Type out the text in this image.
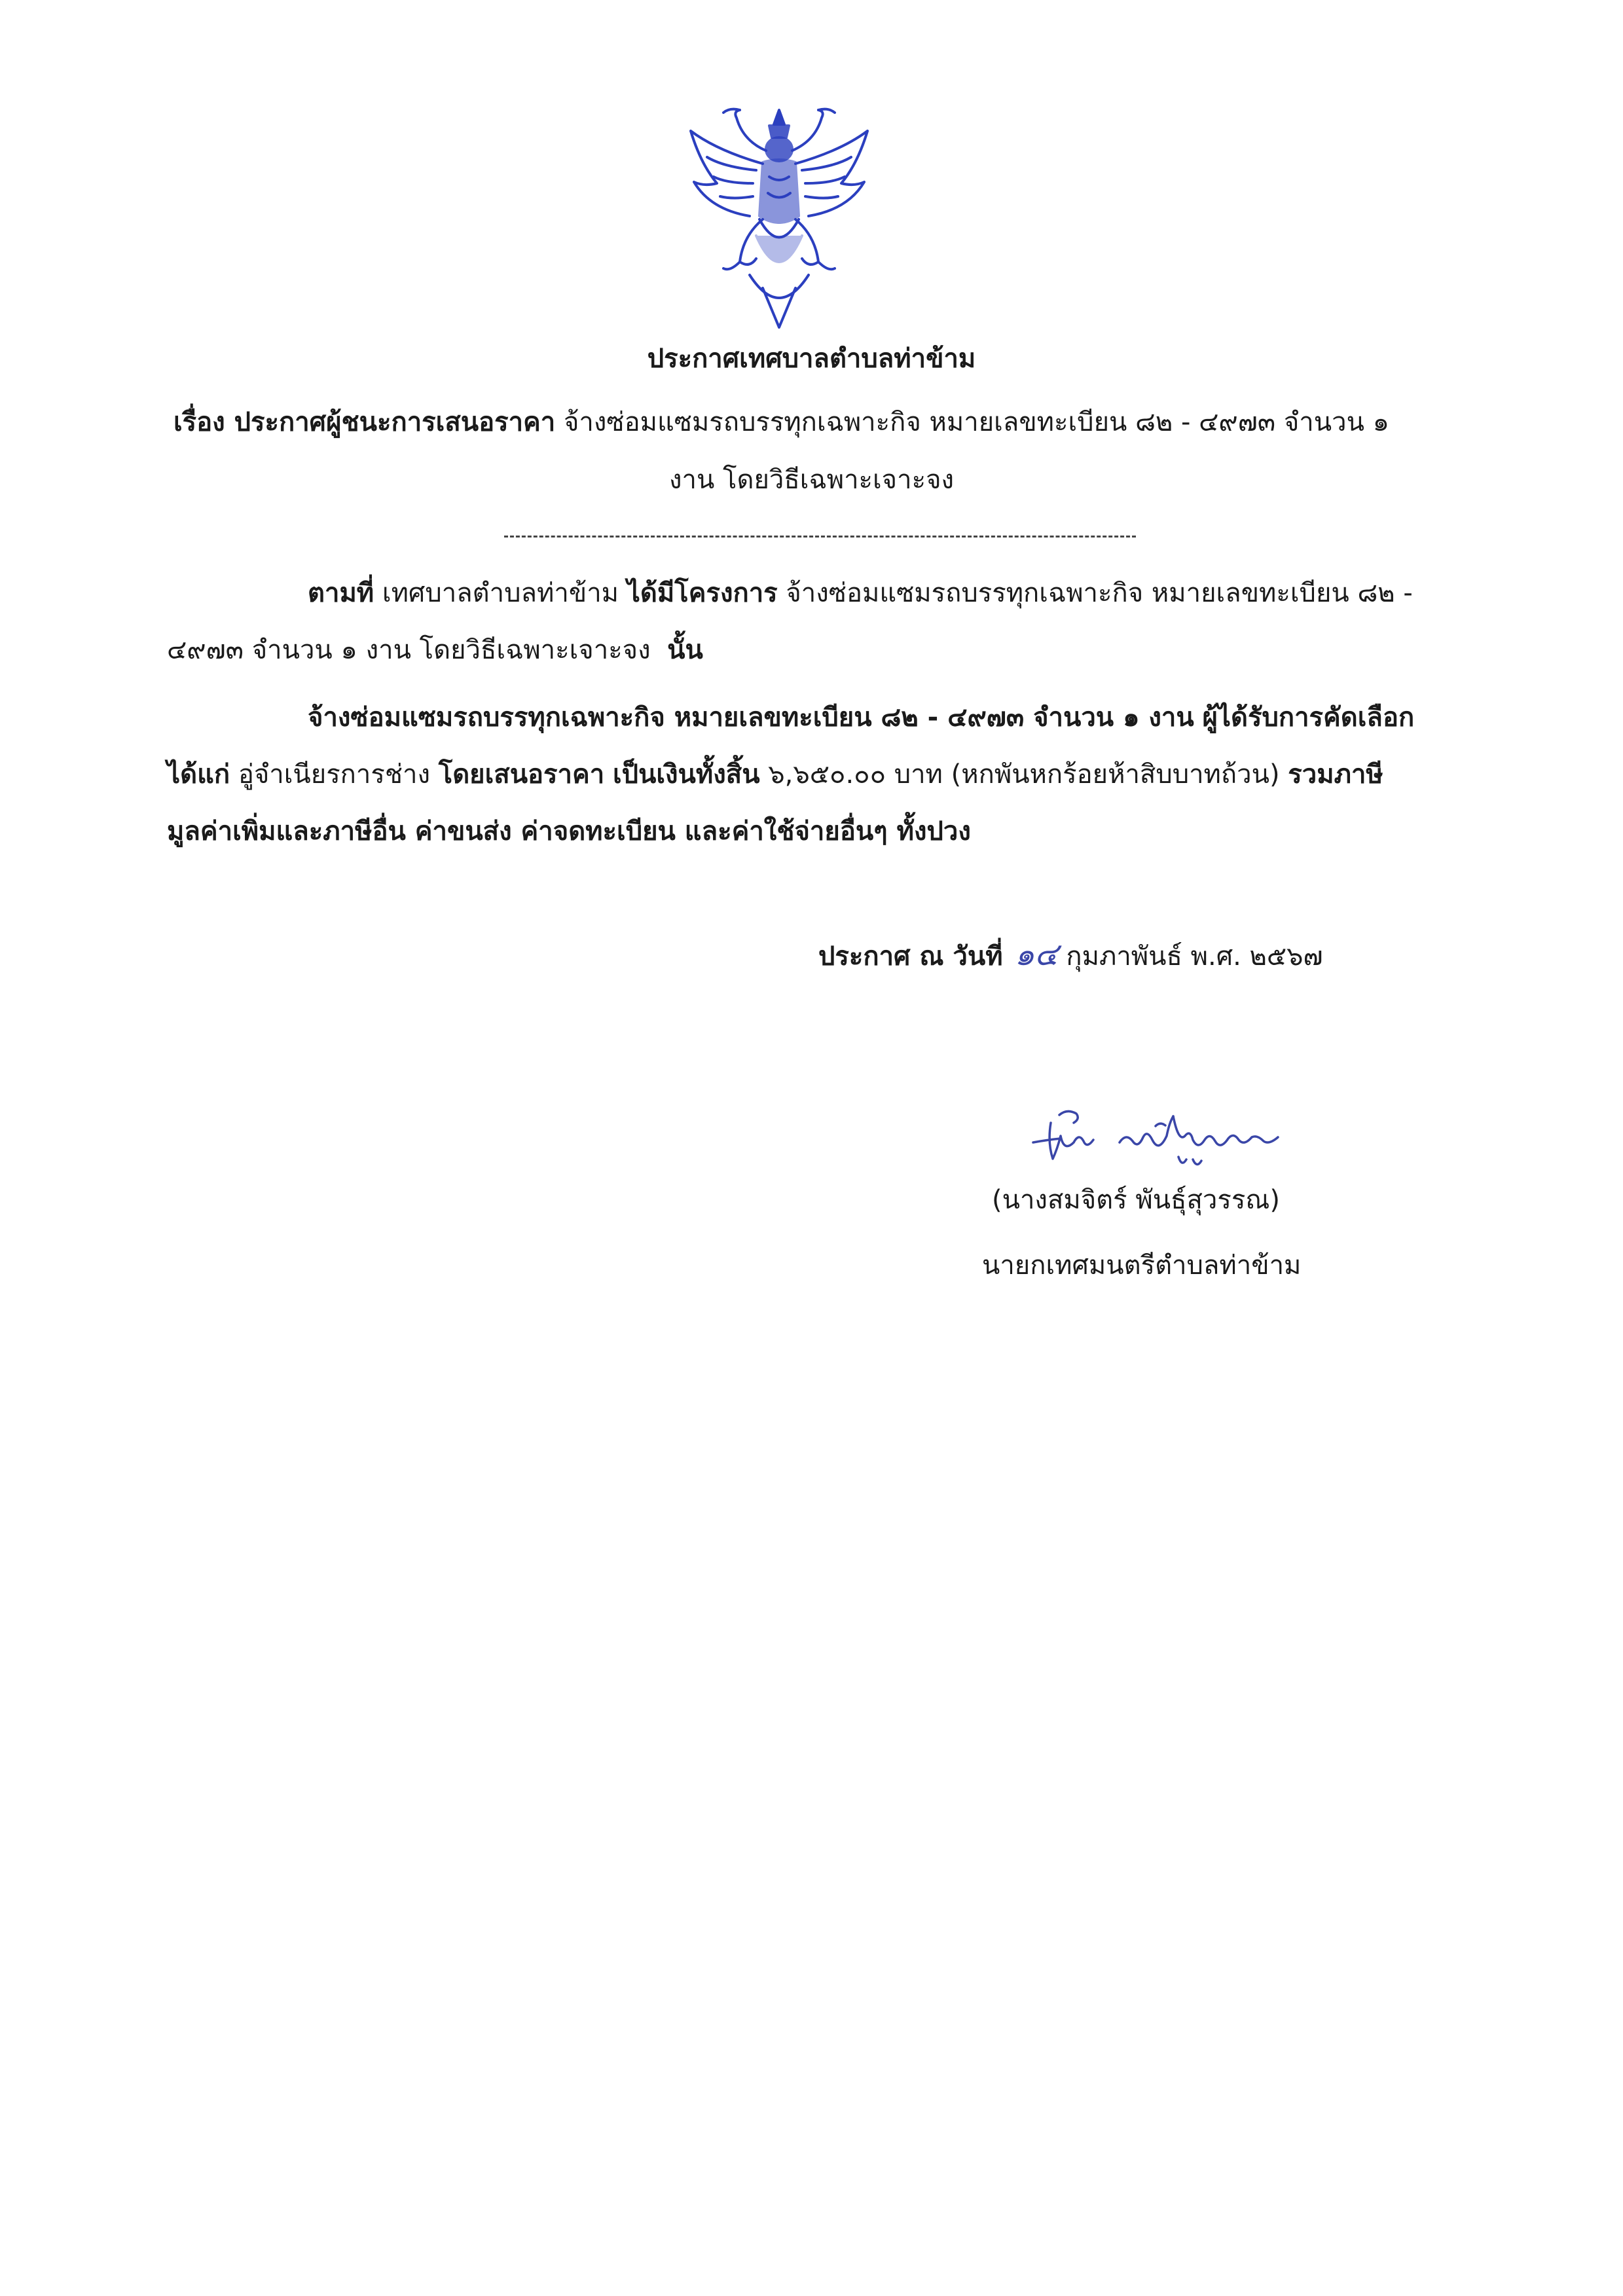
ประกาศเทศบาลตำบลท่าข้าม
เรื่อง ประกาศผู้ชนะการเสนอราคา จ้างซ่อมแซมรถบรรทุกเฉพาะกิจ หมายเลขทะเบียน ๘๒ - ๔๙๗๓ จำนวน ๑
งาน โดยวิธีเฉพาะเจาะจง
ตามที่ เทศบาลตำบลท่าข้าม ได้มีโครงการ จ้างซ่อมแซมรถบรรทุกเฉพาะกิจ หมายเลขทะเบียน ๘๒ -
๔๙๗๓ จำนวน ๑ งาน โดยวิธีเฉพาะเจาะจง นั้น
จ้างซ่อมแซมรถบรรทุกเฉพาะกิจ หมายเลขทะเบียน ๘๒ - ๔๙๗๓ จำนวน ๑ งาน ผู้ได้รับการคัดเลือก
ได้แก่ อู่จำเนียรการช่าง โดยเสนอราคา เป็นเงินทั้งสิ้น ๖,๖๕๐.๐๐ บาท (หกพันหกร้อยห้าสิบบาทถ้วน) รวมภาษี
มูลค่าเพิ่มและภาษีอื่น ค่าขนส่ง ค่าจดทะเบียน และค่าใช้จ่ายอื่นๆ ทั้งปวง
ประกาศ ณ วันที่ ๑๔ กุมภาพันธ์ พ.ศ. ๒๕๖๗
(นางสมจิตร์ พันธุ์สุวรรณ)
นายกเทศมนตรีตำบลท่าข้าม
